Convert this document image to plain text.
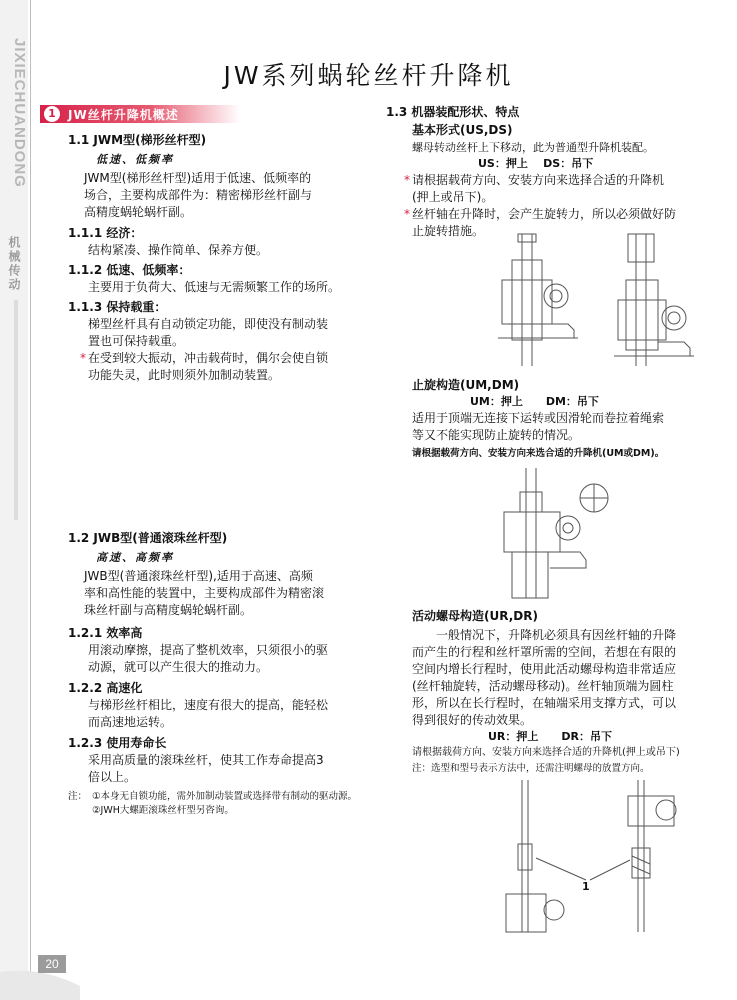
JIXIECHUANDONG
机械传动
20
JW系列蜗轮丝杆升降机
1	JW丝杆升降机概述
1.1 JWM型(梯形丝杆型)
低速、低频率
JWM型(梯形丝杆型)适用于低速、低频率的
场合，主要构成部件为：精密梯形丝杆副与
高精度蜗轮蜗杆副。
1.1.1 经济：
结构紧凑、操作简单、保养方便。
1.1.2 低速、低频率：
主要用于负荷大、低速与无需频繁工作的场所。
1.1.3 保持载重：
梯型丝杆具有自动锁定功能，即使没有制动装
置也可保持载重。
* 在受到较大振动，冲击载荷时，偶尔会使自锁
功能失灵，此时则须外加制动装置。
1.2 JWB型(普通滚珠丝杆型)
高速、高频率
JWB型(普通滚珠丝杆型),适用于高速、高频
率和高性能的装置中，主要构成部件为精密滚
珠丝杆副与高精度蜗轮蜗杆副。
1.2.1 效率高
用滚动摩擦，提高了整机效率，只须很小的驱
动源，就可以产生很大的推动力。
1.2.2 高速化
与梯形丝杆相比，速度有很大的提高，能轻松
而高速地运转。
1.2.3 使用寿命长
采用高质量的滚珠丝杆，使其工作寿命提高3
倍以上。
注： ①本身无自锁功能，需外加制动装置或选择带有制动的驱动源。
②JWH大螺距滚珠丝杆型另咨询。
1.3 机器装配形状、特点
基本形式(US,DS)
螺母转动丝杆上下移动，此为普通型升降机装配。
US：押上    DS：吊下
* 请根据载荷方向、安装方向来选择合适的升降机
(押上或吊下)。
* 丝杆轴在升降时，会产生旋转力，所以必须做好防
止旋转措施。
止旋构造(UM,DM)
UM：押上      DM：吊下
适用于顶端无连接下运转或因滑轮而卷拉着绳索
等又不能实现防止旋转的情况。
请根据载荷方向、安装方向来选合适的升降机(UM或DM)。
活动螺母构造(UR,DR)
一般情况下，升降机必须具有因丝杆轴的升降
而产生的行程和丝杆罩所需的空间，若想在有限的
空间内增长行程时，使用此活动螺母构造非常适应
(丝杆轴旋转，活动螺母移动)。丝杆轴顶端为圆柱
形，所以在长行程时，在轴端采用支撑方式，可以
得到很好的传动效果。
UR：押上      DR：吊下
请根据载荷方向、安装方向来选择合适的升降机(押上或吊下)
注：选型和型号表示方法中，还需注明螺母的放置方向。
1
